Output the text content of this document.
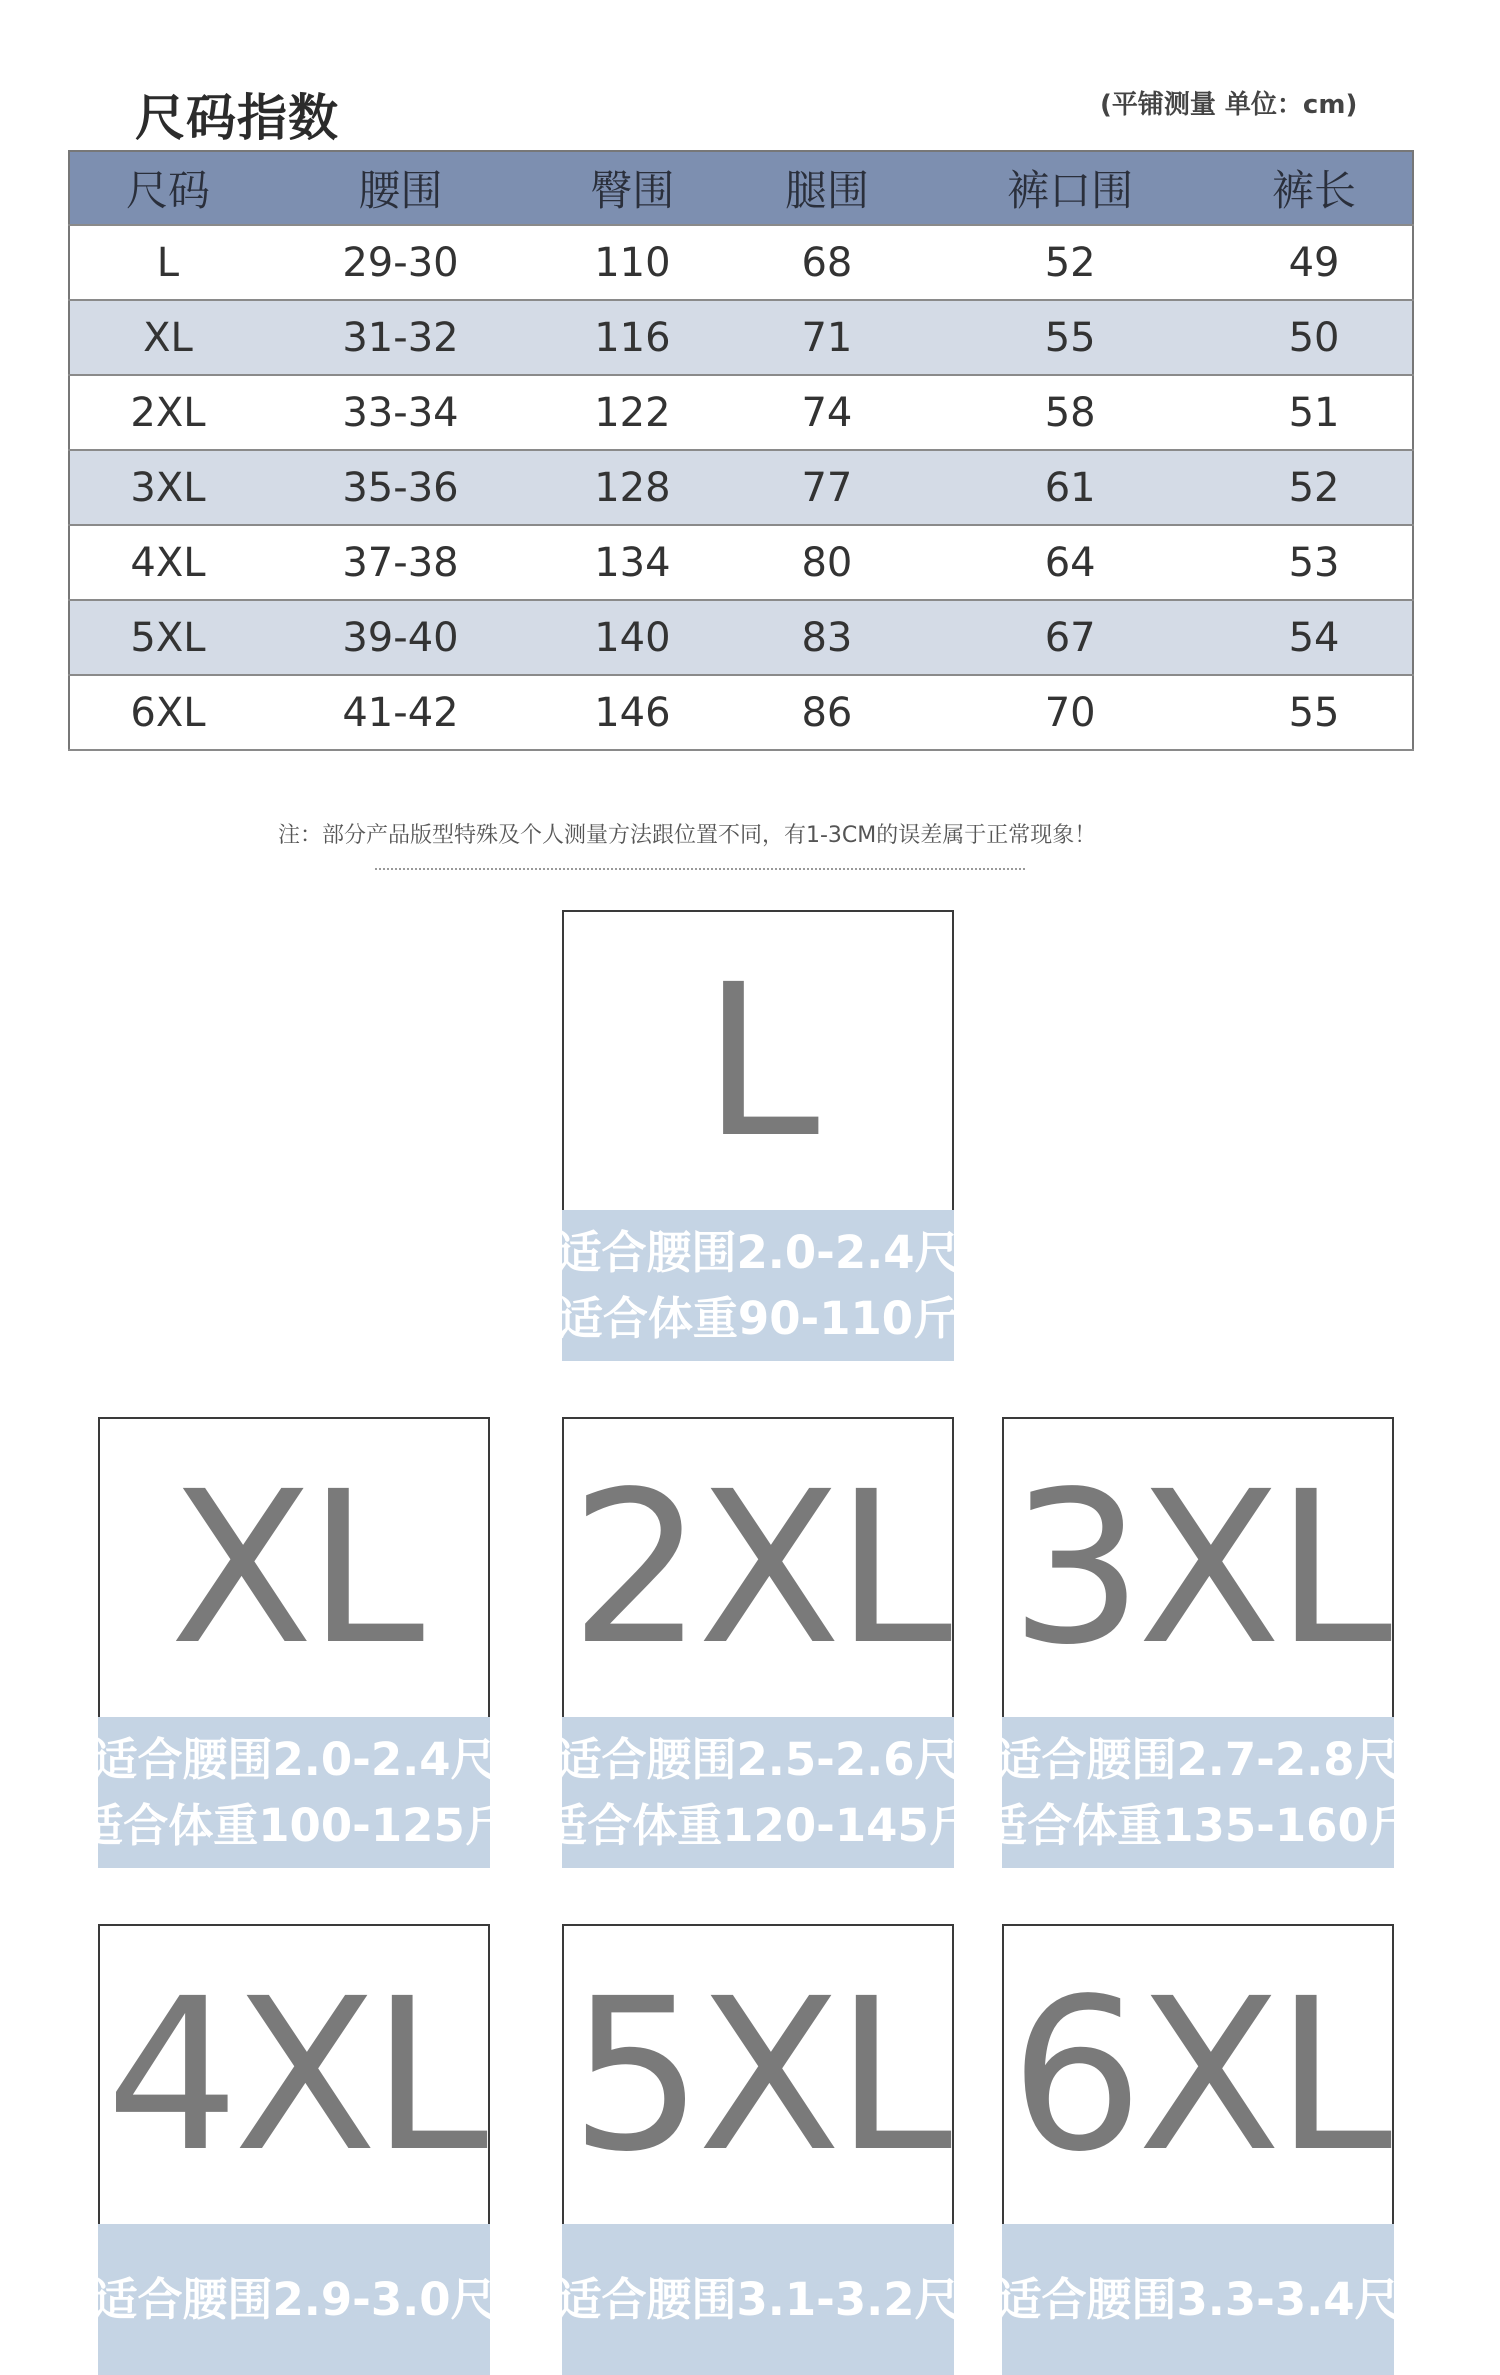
尺码指数	(平铺测量 单位：cm)
尺码	腰围	臀围	腿围	裤口围	裤长
L	29-30	110	68	52	49
XL	31-32	116	71	55	50
2XL	33-34	122	74	58	51
3XL	35-36	128	77	61	52
4XL	37-38	134	80	64	53
5XL	39-40	140	83	67	54
6XL	41-42	146	86	70	55
注：部分产品版型特殊及个人测量方法跟位置不同，有1-3CM的误差属于正常现象！
L
适合腰围2.0-2.4尺
适合体重90-110斤
XL
适合腰围2.0-2.4尺
适合体重100-125斤
2XL
适合腰围2.5-2.6尺
适合体重120-145斤
3XL
适合腰围2.7-2.8尺
适合体重135-160斤
4XL
适合腰围2.9-3.0尺
5XL
适合腰围3.1-3.2尺
6XL
适合腰围3.3-3.4尺
